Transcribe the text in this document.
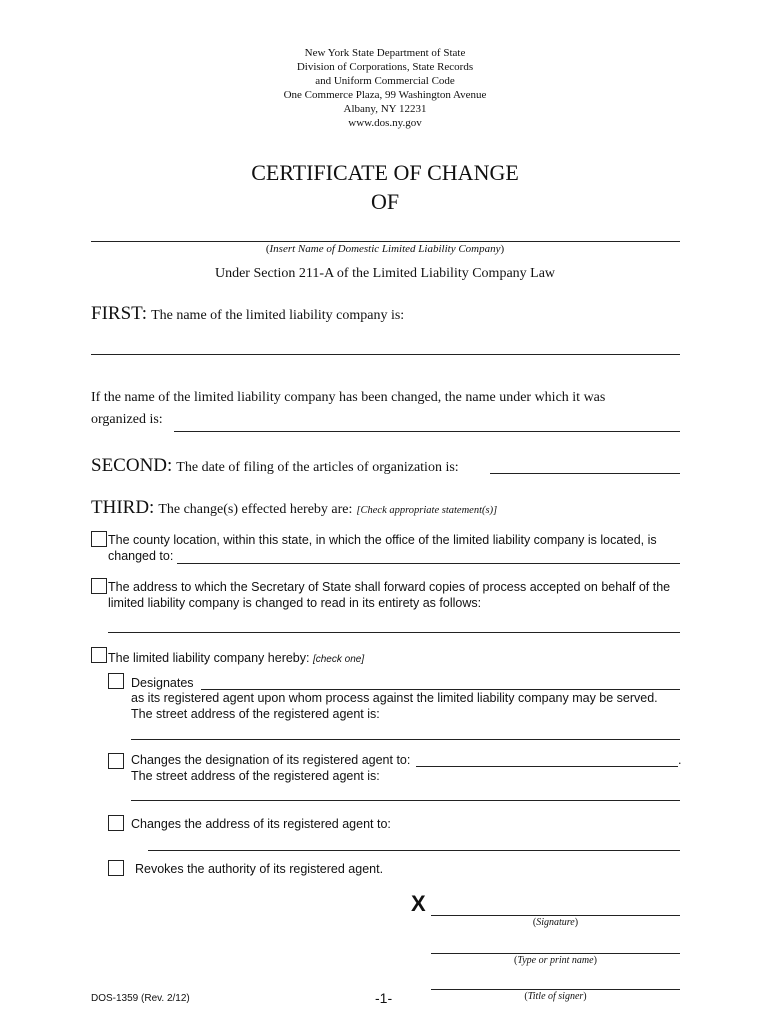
New York State Department of State
Division of Corporations, State Records
and Uniform Commercial Code
One Commerce Plaza, 99 Washington Avenue
Albany, NY 12231
www.dos.ny.gov
CERTIFICATE OF CHANGE
OF
(Insert Name of Domestic Limited Liability Company)
Under Section 211-A of the Limited Liability Company Law
FIRST: The name of the limited liability company is:
If the name of the limited liability company has been changed, the name under which it was
organized is:
SECOND: The date of filing of the articles of organization is:
THIRD: The change(s) effected hereby are: [Check appropriate statement(s)]
The county location, within this state, in which the office of the limited liability company is located, is
changed to:
The address to which the Secretary of State shall forward copies of process accepted on behalf of the
limited liability company is changed to read in its entirety as follows:
The limited liability company hereby: [check one]
Designates
as its registered agent upon whom process against the limited liability company may be served.
The street address of the registered agent is:
Changes the designation of its registered agent to:	.
The street address of the registered agent is:
Changes the address of its registered agent to:
Revokes the authority of its registered agent.
X
(Signature)
(Type or print name)
(Title of signer)
DOS-1359 (Rev. 2/12)	-1-
